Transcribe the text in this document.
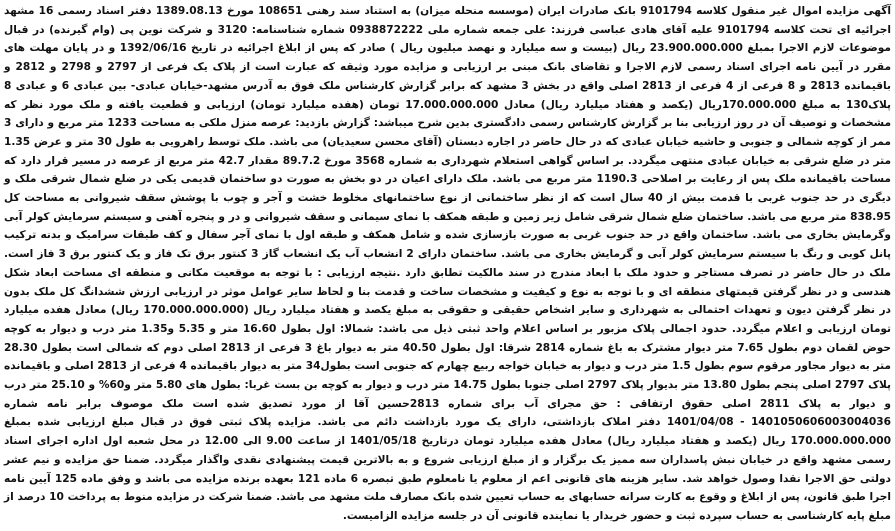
آگهی مزایده اموال غیر منقول کلاسه 9101794 بانک صادرات ایران (موسسه منحله میزان) به استناد سند رهنی 108651 مورخ 1389.08.13 دفتر اسناد رسمی 16 مشهد اجرائیه ای تحت کلاسه 9101794 علیه آقای هادی عباسی فرزند: علی جمعه شماره ملی 0938872222 شماره شناسنامه: 3120 و شرکت نوین پی (وام گیرنده) در قبال موضوعات لازم الاجرا بمبلغ 23.900.000.000 ریال (بیست و سه میلیارد و نهصد میلیون ریال ) صادر که پس از ابلاغ اجرائیه در تاریخ 1392/06/16 و در پایان مهلت های مقرر در آیین نامه اجرای اسناد رسمی لازم الاجرا و تقاضای بانک مبنی بر ارزیابی و مزایده مورد وثیقه که عبارت است از پلاک یک فرعی از 2797 و 2798 و 2812 و باقیمانده 2813 و 8 فرعی از 4 فرعی از 2813 اصلی واقع در بخش 3 مشهد که برابر گزارش کارشناس ملک فوق به آدرس مشهد-خیابان عبادی- بین عبادی 6 و عبادی 8 پلاک130 به مبلغ 170.000.000ریال (یکصد و هفتاد میلیارد ریال) معادل 17.000.000.000 تومان (هفده میلیارد تومان) ارزیابی و قطعیت یافته و ملک مورد نظر که مشخصات و توصیف آن در روز ارزیابی بنا بر گزارش کارشناس رسمی دادگستری بدین شرح میباشد: گزارش بازدید: عرصه منزل ملکی به مساحت 1233 متر مربع و دارای 3 ممر از کوچه شمالی و جنوبی و حاشیه خیابان عبادی که در حال حاضر در اجاره دبستان (آقای محسن سعیدیان) می باشد. ملک توسط راهرویی به طول 30 متر و عرض 1.35 متر در ضلع شرقی به خیابان عبادی منتهی میگردد. بر اساس گواهی استعلام شهرداری به شماره 3568 مورخ 89.7.2 مقدار 42.7 متر مربع از عرصه در مسیر قرار دارد که مساحت باقیمانده ملک پس از رعایت بر اصلاحی 1190.3 متر مربع می باشد. ملک دارای اعیان در دو بخش به صورت دو ساختمان قدیمی یکی در ضلع شمال شرقی ملک و دیگری در حد جنوب غربی با قدمت بیش از 40 سال است که از نظر ساختمانی از نوع ساختمانهای مخلوط خشت و آجر و چوب با پوشش سقف شیروانی به مساحت کل 838.95 متر مربع می باشد. ساختمان ضلع شمال شرقی شامل زیر زمین و طبقه همکف با نمای سیمانی و سقف شیروانی و در و پنجره آهنی و سیستم سرمایش کولر آبی وگرمایش بخاری می باشد. ساختمان واقع در حد جنوب غربی به صورت بازسازی شده و شامل همکف و طبقه اول با نمای آجر سفال و کف طبقات سرامیک و بدنه ترکیب پانل کوبی و رنگ با سیستم سرمایش کولر آبی و گرمایش بخاری می باشد. ساختمان دارای 2 انشعاب آب یک انشعاب گاز 3 کنتور برق تک فاز و یک کنتور برق 3 فاز است. ملک در حال حاضر در تصرف مستاجر و حدود ملک با ابعاد مندرج در سند مالکیت تطابق دارد .نتیجه ارزیابی : با توجه به موقعیت مکانی و منطقه ای مساحت ابعاد شکل هندسی و در نظر گرفتن قیمتهای منطقه ای و با توجه به نوع و کیفیت و مشخصات ساخت و قدمت بنا و لحاظ سایر عوامل موثر در ارزیابی ارزش ششدانگ کل ملک بدون در نظر گرفتن دیون و تعهدات احتمالی به شهرداری و سایر اشخاص حقیقی و حقوقی به مبلغ یکصد و هفتاد میلیارد ریال (170.000.000.000 ریال) معادل هفده میلیارد تومان ارزیابی و اعلام میگردد. حدود اجمالی پلاک مزبور بر اساس اعلام واحد ثبتی ذیل می باشد: شمالا: اول بطول 16.60 متر و 5.35 و1.35 متر درب و دیوار به کوچه حوض لقمان دوم بطول 7.65 متر دیوار مشترک به باغ شماره 2814 شرقا: اول بطول 40.50 متر به دیوار باغ 3 فرعی از 2813 اصلی دوم که شمالی است بطول 28.30 متر به دیوار مجاور مرقوم سوم بطول 1.5 متر درب و دیوار به خیابان خواجه ربیع چهارم که جنوبی است بطول34 متر به دیوار باقیمانده 4 فرعی از 2813 اصلی و باقیمانده پلاک 2797 اصلی پنجم بطول 13.80 متر بدیوار پلاک 2797 اصلی جنوبا بطول 14.75 متر درب و دیوار به کوچه بن بست غربا: بطول های 5.80 متر و60% و 25.10 متر درب و دیوار به پلاک 2811 اصلی حقوق ارتفاقی : حق مجرای آب برای شماره 2813حسین آقا از مورد تصدیق شده است ملک موصوف برابر نامه شماره 1401050606003004036 - 1401/04/08 دفتر املاک بازداشتی، دارای یک مورد بازداشت دائم می باشد. مزایده پلاک ثبتی فوق در قبال مبلغ ارزیابی شده بمبلغ 170.000.000.000 ریال (یکصد و هفتاد میلیارد ریال) معادل هفده میلیارد تومان درتاریخ 1401/05/18 از ساعت 9.00 الی 12.00 در محل شعبه اول اداره اجرای اسناد رسمی مشهد واقع در خیابان نبش پاسداران سه ممیز یک برگزار و از مبلغ ارزیابی شروع و به بالاترین قیمت پیشنهادی نقدی واگذار میگردد. ضمنا حق مزایده و نیم عشر دولتی حق الاجرا نقدا وصول خواهد شد. سایر هزینه های قانونی اعم از معلوم یا نامعلوم طبق تبصره 6 ماده 121 بعهده برنده مزایده می باشد و وفق ماده 125 آیین نامه اجرا طبق قانون، پس از ابلاغ و وقوع به کارت سرانه حسابهای به حساب تعیین شده بانک مصارف ملت مشهد می باشد. ضمنا شرکت در مزایده منوط به پرداخت 10 درصد از مبلغ پایه کارشناسی به حساب سپرده ثبت و حضور خریدار یا نماینده قانونی آن در جلسه مزایده الزامیست.
